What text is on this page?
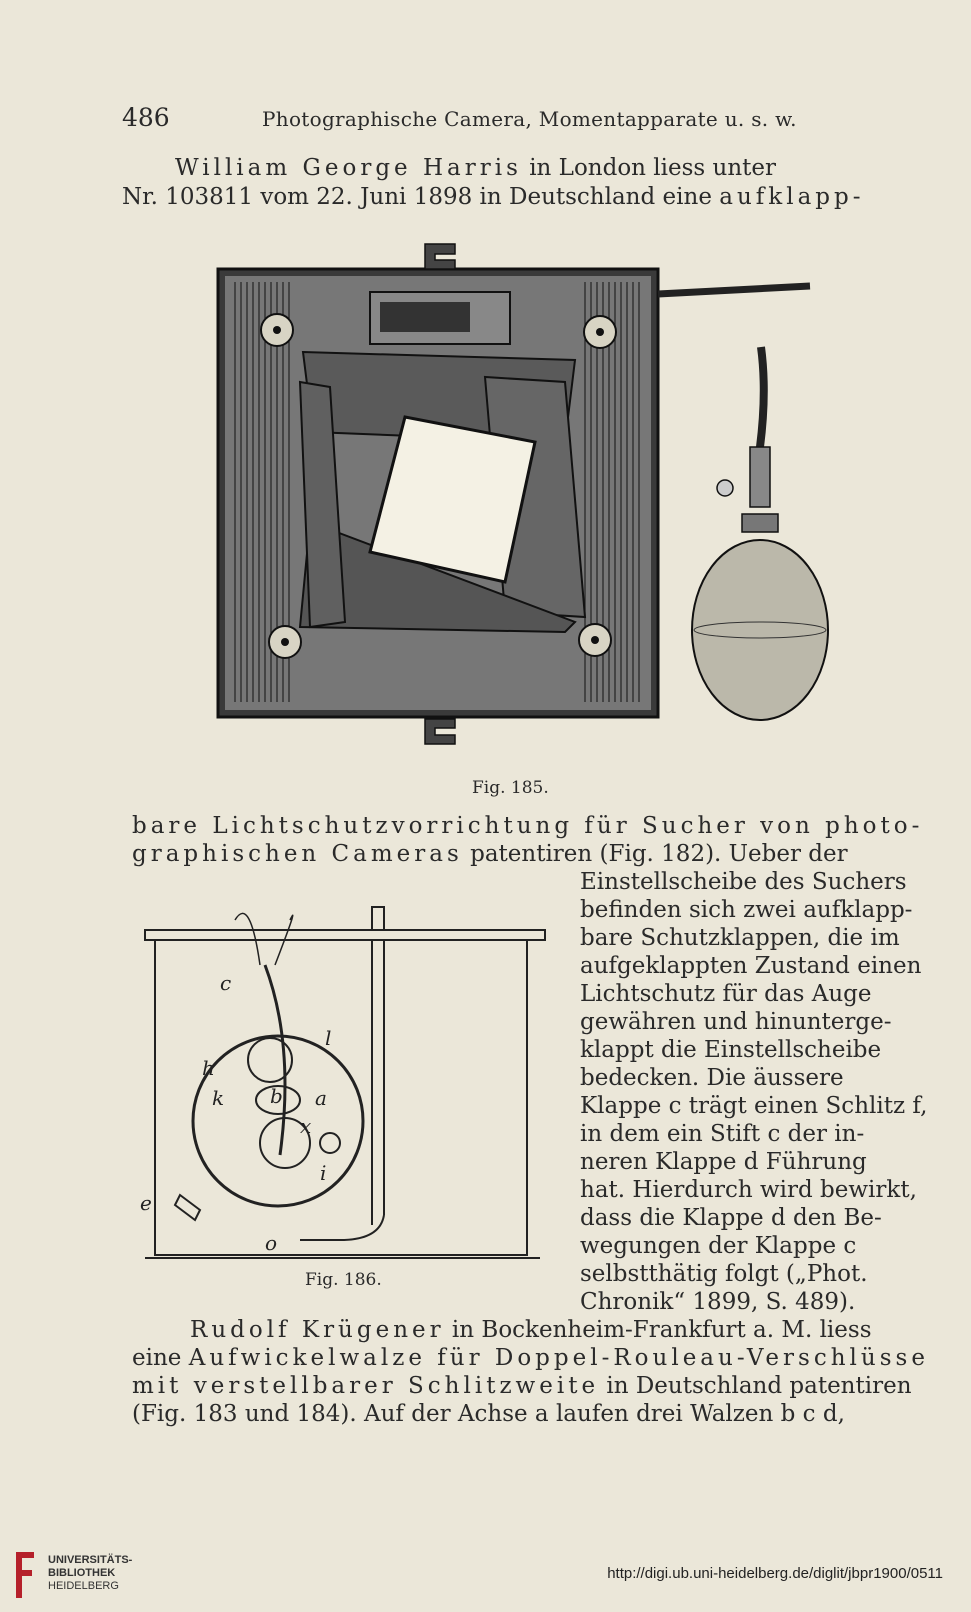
486	Photographische Camera, Momentapparate u. s. w.
William George Harris in London liess unter
Nr. 103811 vom 22. Juni 1898 in Deutschland eine aufklapp-
Fig. 185.
bare Lichtschutzvorrichtung für Sucher von photo-
graphischen Cameras patentiren (Fig. 182). Ueber der
Einstellscheibe des Suchers
befinden sich zwei aufklapp-
bare Schutzklappen, die im
aufgeklappten Zustand einen
Lichtschutz für das Auge
gewähren und hinunterge-
klappt die Einstellscheibe
bedecken. Die äussere
Klappe c trägt einen Schlitz f,
in dem ein Stift c der in-
neren Klappe d Führung
hat. Hierdurch wird bewirkt,
dass die Klappe d den Be-
wegungen der Klappe c
selbstthätig folgt („Phot.
Chronik“ 1899, S. 489).
c
l
h
k b a
x
i
e
o
Fig. 186.
Rudolf Krügener in Bockenheim-Frankfurt a. M. liess
eine Aufwickelwalze für Doppel-Rouleau-Verschlüsse
mit verstellbarer Schlitzweite in Deutschland patentiren
(Fig. 183 und 184). Auf der Achse a laufen drei Walzen b c d,
UNIVERSITÄTS-
BIBLIOTHEK
HEIDELBERG
http://digi.ub.uni-heidelberg.de/diglit/jbpr1900/0511
